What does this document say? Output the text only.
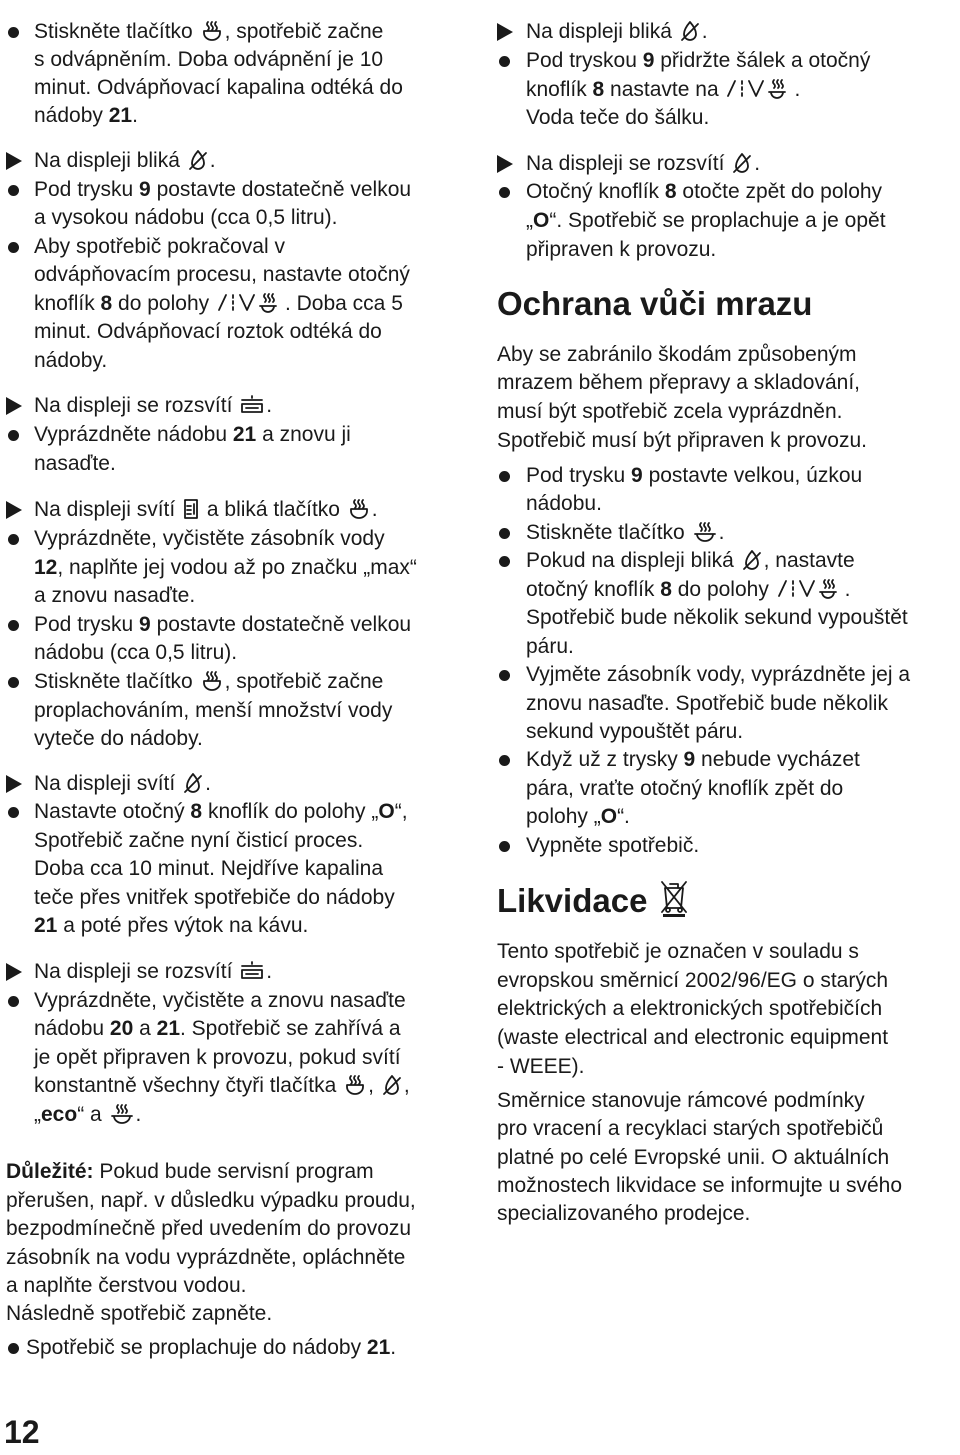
Stiskněte tlačítko
, spotřebič začne
s odvápněním. Doba odvápnění je 10
minut. Odvápňovací kapalina odtéká do
nádoby 21.
Na displeji bliká
.
Pod trysku 9 postavte dostatečně velkou
a vysokou nádobu (cca 0,5 litru).
Aby spotřebič pokračoval v
odvápňovacím procesu, nastavte otočný
knoflík 8 do polohy	. Doba cca 5
minut. Odvápňovací roztok odtéká do
nádoby.
Na displeji se rozsvítí
.
Vyprázdněte nádobu 21 a znovu ji
nasaďte.
Na displeji svítí
a bliká tlačítko
.
Vyprázdněte, vyčistěte zásobník vody
12, naplňte jej vodou až po značku „max“
a znovu nasaďte.
Pod trysku 9 postavte dostatečně velkou
nádobu (cca 0,5 litru).
Stiskněte tlačítko
, spotřebič začne
proplachováním, menší množství vody
vyteče do nádoby.
Na displeji svítí
.
Nastavte otočný 8 knoflík do polohy „O“,
Spotřebič začne nyní čisticí proces.
Doba cca 10 minut. Nejdříve kapalina
teče přes vnitřek spotřebiče do nádoby
21 a poté přes výtok na kávu.
Na displeji se rozsvítí
.
Vyprázdněte, vyčistěte a znovu nasaďte
nádobu 20 a 21. Spotřebič se zahřívá a
je opět připraven k provozu, pokud svítí
konstantně všechny čtyři tlačítka
,
,
„eco“ a
.
Důležité: Pokud bude servisní program
přerušen, např. v důsledku výpadku proudu,
bezpodmínečně před uvedením do provozu
zásobník na vodu vyprázdněte, opláchněte
a naplňte čerstvou vodou.
Následně spotřebič zapněte.
Spotřebič se proplachuje do nádoby 21.
Na displeji bliká
.
Pod tryskou 9 přidržte šálek a otočný
knoflík 8 nastavte na	.
Voda teče do šálku.
Na displeji se rozsvítí
.
Otočný knoflík 8 otočte zpět do polohy
„O“. Spotřebič se proplachuje a je opět
připraven k provozu.
Ochrana vůči mrazu
Aby se zabránilo škodám způsobeným
mrazem během přepravy a skladování,
musí být spotřebič zcela vyprázdněn.
Spotřebič musí být připraven k provozu.
Pod trysku 9 postavte velkou, úzkou
nádobu.
Stiskněte tlačítko
.
Pokud na displeji bliká
, nastavte
otočný knoflík 8 do polohy	.
Spotřebič bude několik sekund vypouštět
páru.
Vyjměte zásobník vody, vyprázdněte jej a
znovu nasaďte. Spotřebič bude několik
sekund vypouštět páru.
Když už z trysky 9 nebude vycházet
pára, vraťte otočný knoflík zpět do
polohy „O“.
Vypněte spotřebič.
Likvidace
Tento spotřebič je označen v souladu s
evropskou směrnicí 2002/96/EG o starých
elektrických a elektronických spotřebičích
(waste electrical and electronic equipment
- WEEE).
Směrnice stanovuje rámcové podmínky
pro vracení a recyklaci starých spotřebičů
platné po celé Evropské unii. O aktuálních
možnostech likvidace se informujte u svého
specializovaného prodejce.
12
